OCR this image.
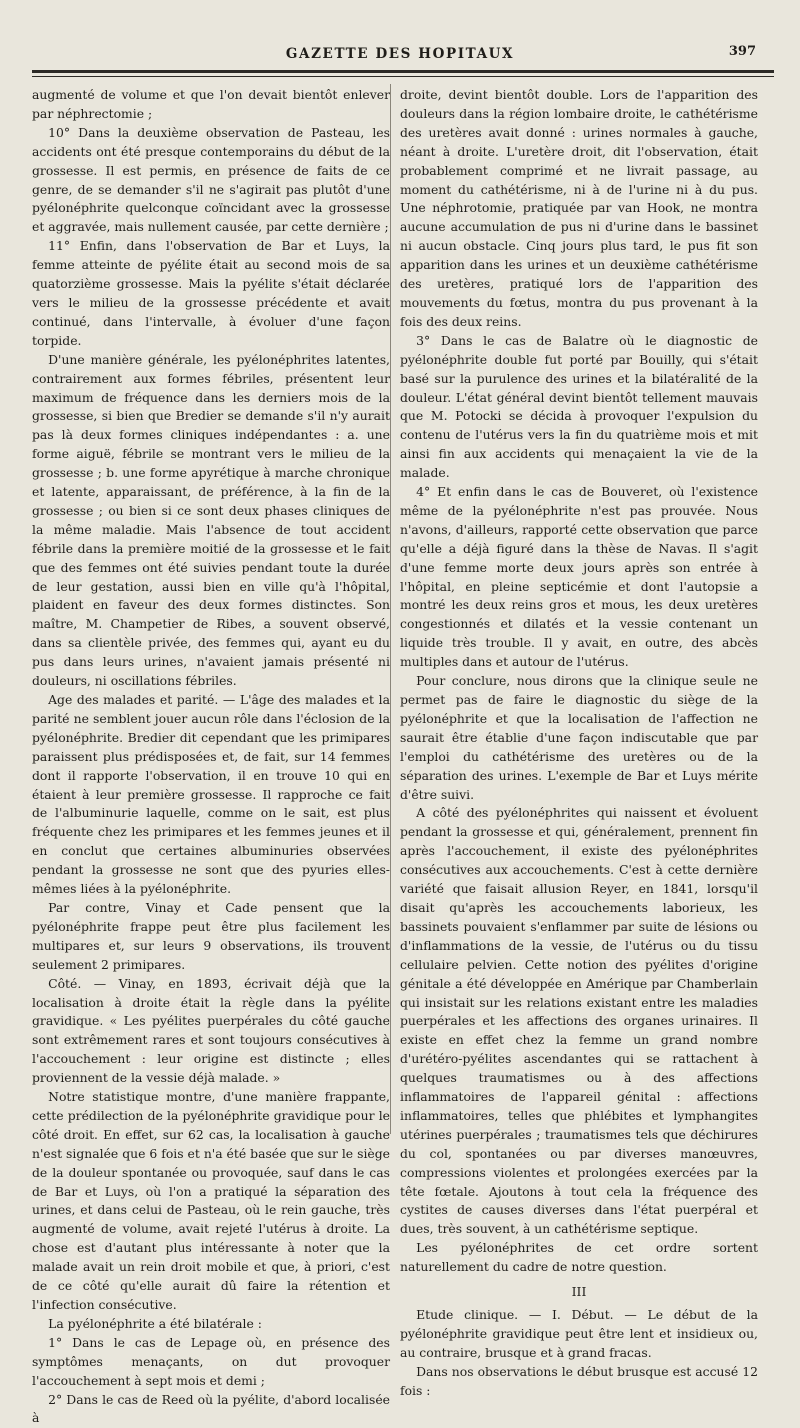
GAZETTE DES HOPITAUX	397

augmenté de volume et que l'on devait bientôt enlever par néphrectomie ;

10° Dans la deuxième observation de Pasteau, les accidents ont été presque contemporains du début de la grossesse. Il est permis, en présence de faits de ce genre, de se demander s'il ne s'agirait pas plutôt d'une pyélonéphrite quelconque coïncidant avec la grossesse et aggravée, mais nullement causée, par cette dernière ;

11° Enfin, dans l'observation de Bar et Luys, la femme atteinte de pyélite était au second mois de sa quatorzième grossesse. Mais la pyélite s'était déclarée vers le milieu de la grossesse précédente et avait continué, dans l'intervalle, à évoluer d'une façon torpide.

D'une manière générale, les pyélonéphrites latentes, contrairement aux formes fébriles, présentent leur maximum de fréquence dans les derniers mois de la grossesse, si bien que Bredier se demande s'il n'y aurait pas là deux formes cliniques indépendantes : a. une forme aiguë, fébrile se montrant vers le milieu de la grossesse ; b. une forme apyrétique à marche chronique et latente, apparaissant, de préférence, à la fin de la grossesse ; ou bien si ce sont deux phases cliniques de la même maladie. Mais l'absence de tout accident fébrile dans la première moitié de la grossesse et le fait que des femmes ont été suivies pendant toute la durée de leur gestation, aussi bien en ville qu'à l'hôpital, plaident en faveur des deux formes distinctes. Son maître, M. Champetier de Ribes, a souvent observé, dans sa clientèle privée, des femmes qui, ayant eu du pus dans leurs urines, n'avaient jamais présenté ni douleurs, ni oscillations fébriles.

Age des malades et parité. — L'âge des malades et la parité ne semblent jouer aucun rôle dans l'éclosion de la pyélonéphrite. Bredier dit cependant que les primipares paraissent plus prédisposées et, de fait, sur 14 femmes dont il rapporte l'observation, il en trouve 10 qui en étaient à leur première grossesse. Il rapproche ce fait de l'albuminurie laquelle, comme on le sait, est plus fréquente chez les primipares et les femmes jeunes et il en conclut que certaines albuminuries observées pendant la grossesse ne sont que des pyuries elles-mêmes liées à la pyélonéphrite.

Par contre, Vinay et Cade pensent que la pyélonéphrite frappe peut être plus facilement les multipares et, sur leurs 9 observations, ils trouvent seulement 2 primipares.

Côté. — Vinay, en 1893, écrivait déjà que la localisation à droite était la règle dans la pyélite gravidique. « Les pyélites puerpérales du côté gauche sont extrêmement rares et sont toujours consécutives à l'accouchement : leur origine est distincte ; elles proviennent de la vessie déjà malade. »

Notre statistique montre, d'une manière frappante, cette prédilection de la pyélonéphrite gravidique pour le côté droit. En effet, sur 62 cas, la localisation à gauche n'est signalée que 6 fois et n'a été basée que sur le siège de la douleur spontanée ou provoquée, sauf dans le cas de Bar et Luys, où l'on a pratiqué la séparation des urines, et dans celui de Pasteau, où le rein gauche, très augmenté de volume, avait rejeté l'utérus à droite. La chose est d'autant plus intéressante à noter que la malade avait un rein droit mobile et que, à priori, c'est de ce côté qu'elle aurait dû faire la rétention et l'infection consécutive.

La pyélonéphrite a été bilatérale :

1° Dans le cas de Lepage où, en présence des symptômes menaçants, on dut provoquer l'accouchement à sept mois et demi ;

2° Dans le cas de Reed où la pyélite, d'abord localisée à

droite, devint bientôt double. Lors de l'apparition des douleurs dans la région lombaire droite, le cathétérisme des uretères avait donné : urines normales à gauche, néant à droite. L'uretère droit, dit l'observation, était probablement comprimé et ne livrait passage, au moment du cathétérisme, ni à de l'urine ni à du pus. Une néphrotomie, pratiquée par van Hook, ne montra aucune accumulation de pus ni d'urine dans le bassinet ni aucun obstacle. Cinq jours plus tard, le pus fit son apparition dans les urines et un deuxième cathétérisme des uretères, pratiqué lors de l'apparition des mouvements du fœtus, montra du pus provenant à la fois des deux reins.

3° Dans le cas de Balatre où le diagnostic de pyélonéphrite double fut porté par Bouilly, qui s'était basé sur la purulence des urines et la bilatéralité de la douleur. L'état général devint bientôt tellement mauvais que M. Potocki se décida à provoquer l'expulsion du contenu de l'utérus vers la fin du quatrième mois et mit ainsi fin aux accidents qui menaçaient la vie de la malade.

4° Et enfin dans le cas de Bouveret, où l'existence même de la pyélonéphrite n'est pas prouvée. Nous n'avons, d'ailleurs, rapporté cette observation que parce qu'elle a déjà figuré dans la thèse de Navas. Il s'agit d'une femme morte deux jours après son entrée à l'hôpital, en pleine septicémie et dont l'autopsie a montré les deux reins gros et mous, les deux uretères congestionnés et dilatés et la vessie contenant un liquide très trouble. Il y avait, en outre, des abcès multiples dans et autour de l'utérus.

Pour conclure, nous dirons que la clinique seule ne permet pas de faire le diagnostic du siège de la pyélonéphrite et que la localisation de l'affection ne saurait être établie d'une façon indiscutable que par l'emploi du cathétérisme des uretères ou de la séparation des urines. L'exemple de Bar et Luys mérite d'être suivi.

A côté des pyélonéphrites qui naissent et évoluent pendant la grossesse et qui, généralement, prennent fin après l'accouchement, il existe des pyélonéphrites consécutives aux accouchements. C'est à cette dernière variété que faisait allusion Reyer, en 1841, lorsqu'il disait qu'après les accouchements laborieux, les bassinets pouvaient s'enflammer par suite de lésions ou d'inflammations de la vessie, de l'utérus ou du tissu cellulaire pelvien. Cette notion des pyélites d'origine génitale a été développée en Amérique par Chamberlain qui insistait sur les relations existant entre les maladies puerpérales et les affections des organes urinaires. Il existe en effet chez la femme un grand nombre d'urétéro-pyélites ascendantes qui se rattachent à quelques traumatismes ou à des affections inflammatoires de l'appareil génital : affections inflammatoires, telles que phlébites et lymphangites utérines puerpérales ; traumatismes tels que déchirures du col, spontanées ou par diverses manœuvres, compressions violentes et prolongées exercées par la tête fœtale. Ajoutons à tout cela la fréquence des cystites de causes diverses dans l'état puerpéral et dues, très souvent, à un cathétérisme septique.

Les pyélonéphrites de cet ordre sortent naturellement du cadre de notre question.

III

Etude clinique. — I. Début. — Le début de la pyélonéphrite gravidique peut être lent et insidieux ou, au contraire, brusque et à grand fracas.

Dans nos observations le début brusque est accusé 12 fois :
